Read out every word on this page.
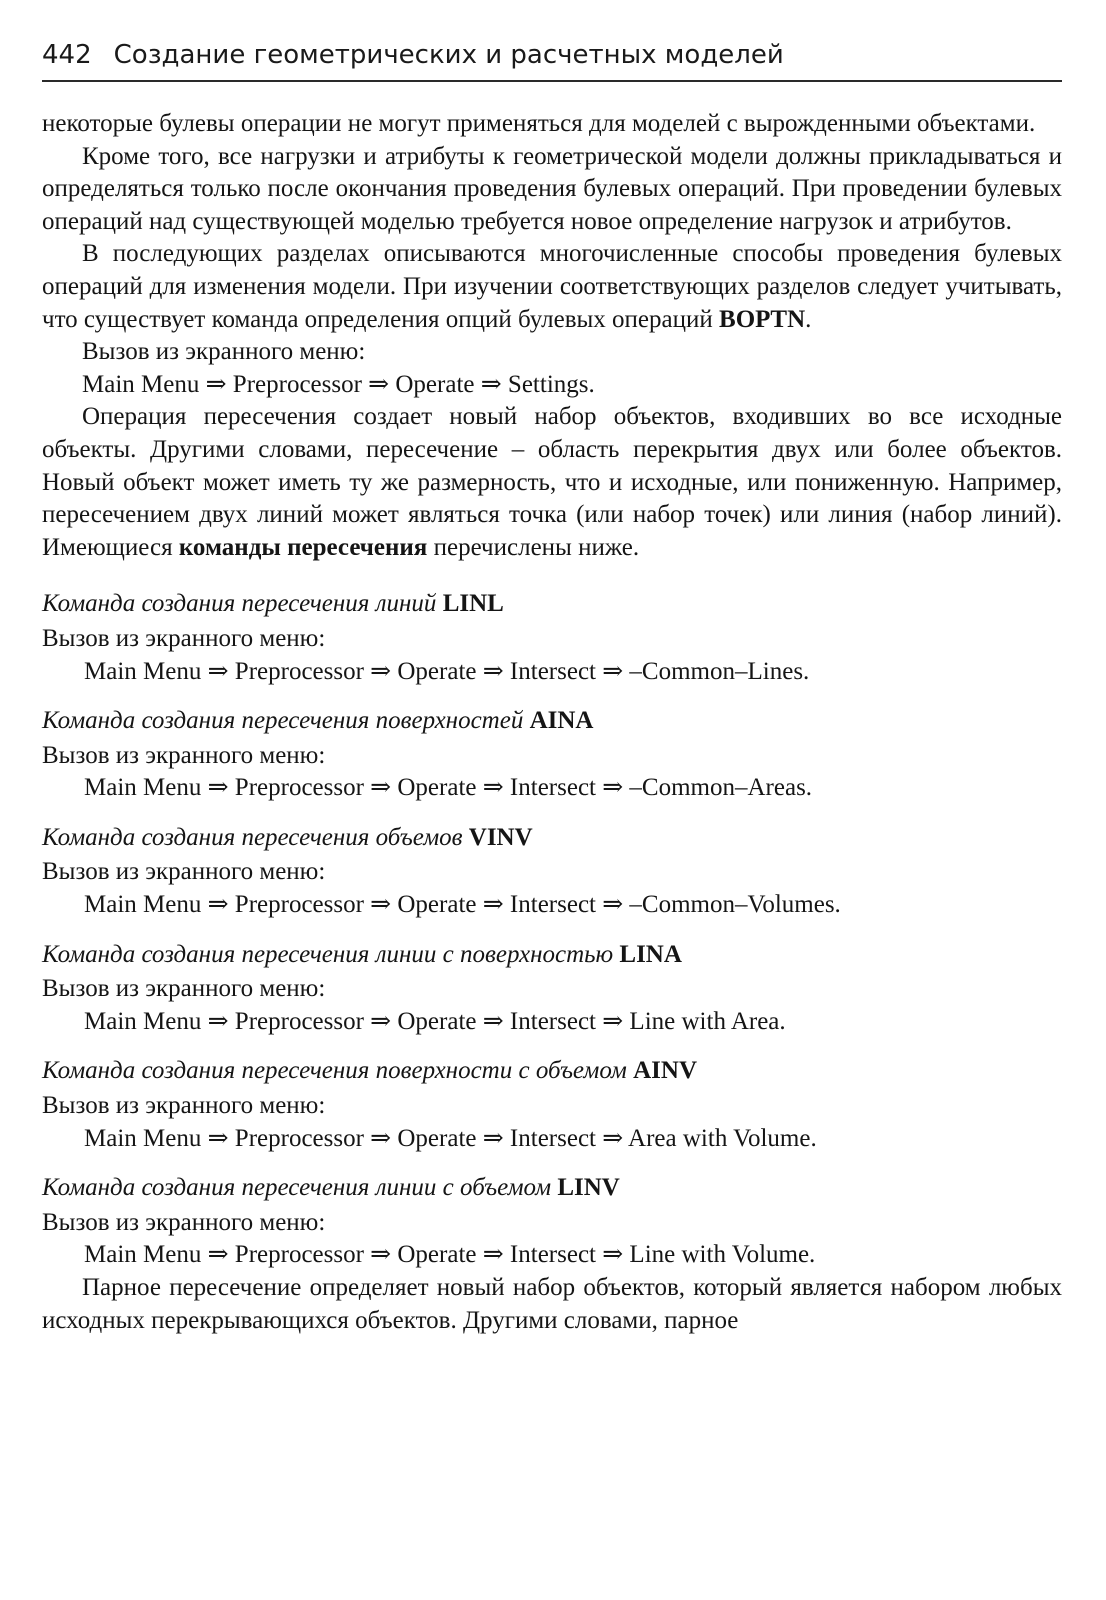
442 Создание геометрических и расчетных моделей

некоторые булевы операции не могут применяться для моделей с вырожденными объектами.

Кроме того, все нагрузки и атрибуты к геометрической модели должны прикладываться и определяться только после окончания проведения булевых операций. При проведении булевых операций над существующей моделью требуется новое определение нагрузок и атрибутов.

В последующих разделах описываются многочисленные способы проведения булевых операций для изменения модели. При изучении соответствующих разделов следует учитывать, что существует команда определения опций булевых операций BOPTN.

Вызов из экранного меню:

Main Menu ⇒ Preprocessor ⇒ Operate ⇒ Settings.

Операция пересечения создает новый набор объектов, входивших во все исходные объекты. Другими словами, пересечение – область перекрытия двух или более объектов. Новый объект может иметь ту же размерность, что и исходные, или пониженную. Например, пересечением двух линий может являться точка (или набор точек) или линия (набор линий). Имеющиеся команды пересечения перечислены ниже.

Команда создания пересечения линий LINL

Вызов из экранного меню:

Main Menu ⇒ Preprocessor ⇒ Operate ⇒ Intersect ⇒ –Common–Lines.

Команда создания пересечения поверхностей AINA

Вызов из экранного меню:

Main Menu ⇒ Preprocessor ⇒ Operate ⇒ Intersect ⇒ –Common–Areas.

Команда создания пересечения объемов VINV

Вызов из экранного меню:

Main Menu ⇒ Preprocessor ⇒ Operate ⇒ Intersect ⇒ –Common–Volumes.

Команда создания пересечения линии с поверхностью LINA

Вызов из экранного меню:

Main Menu ⇒ Preprocessor ⇒ Operate ⇒ Intersect ⇒ Line with Area.

Команда создания пересечения поверхности с объемом AINV

Вызов из экранного меню:

Main Menu ⇒ Preprocessor ⇒ Operate ⇒ Intersect ⇒ Area with Volume.

Команда создания пересечения линии с объемом LINV

Вызов из экранного меню:

Main Menu ⇒ Preprocessor ⇒ Operate ⇒ Intersect ⇒ Line with Volume.

Парное пересечение определяет новый набор объектов, который является набором любых исходных перекрывающихся объектов. Другими словами, парное
